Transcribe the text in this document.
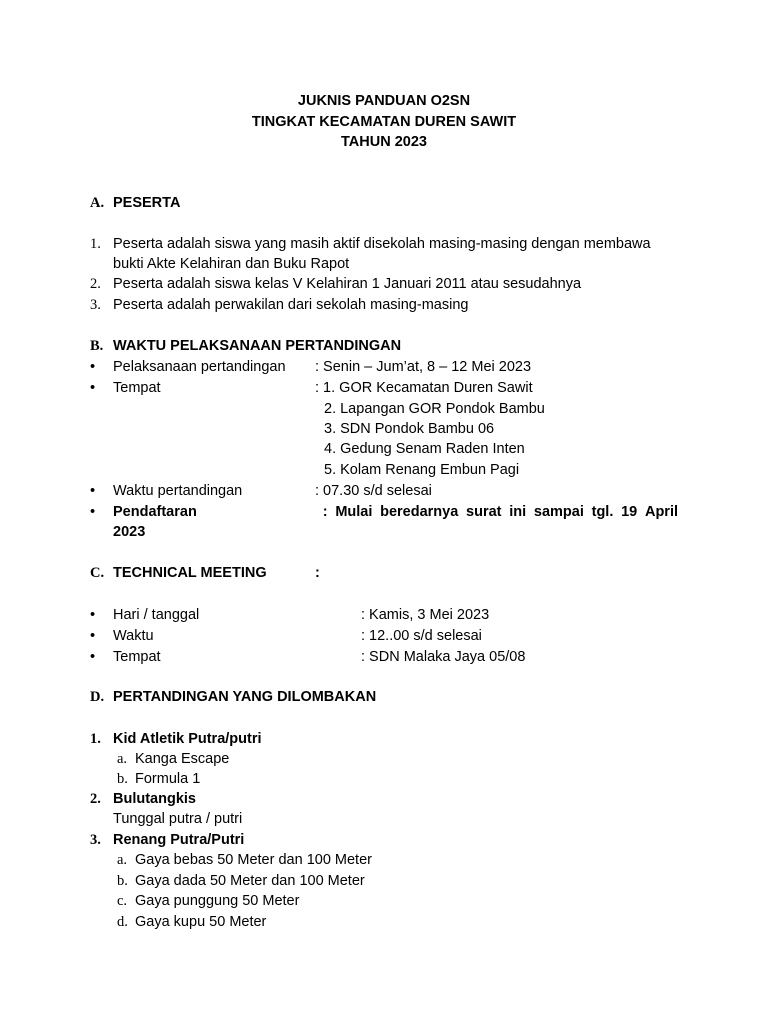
JUKNIS PANDUAN O2SN
TINGKAT KECAMATAN DUREN SAWIT
TAHUN 2023
A. PESERTA
1. Peserta adalah siswa yang masih aktif disekolah masing-masing dengan membawa
bukti Akte Kelahiran dan Buku Rapot
2. Peserta adalah siswa kelas V Kelahiran 1 Januari 2011 atau sesudahnya
3. Peserta adalah perwakilan dari sekolah masing-masing
B. WAKTU PELAKSANAAN PERTANDINGAN
• Pelaksanaan pertandingan : Senin – Jum’at, 8 – 12 Mei 2023
• Tempat	: 1. GOR Kecamatan Duren Sawit
2. Lapangan GOR Pondok Bambu
3. SDN Pondok Bambu 06
4. Gedung Senam Raden Inten
5. Kolam Renang Embun Pagi
• Waktu pertandingan	: 07.30 s/d selesai
• Pendaftaran	: Mulai beredarnya surat ini sampai tgl. 19 April
2023
C. TECHNICAL MEETING	:
• Hari / tanggal	: Kamis, 3 Mei 2023
• Waktu	: 12..00 s/d selesai
• Tempat	: SDN Malaka Jaya 05/08
D. PERTANDINGAN YANG DILOMBAKAN
1. Kid Atletik Putra/putri
a. Kanga Escape
b. Formula 1
2. Bulutangkis
Tunggal putra / putri
3. Renang Putra/Putri
a. Gaya bebas 50 Meter dan 100 Meter
b. Gaya dada 50 Meter dan 100 Meter
c. Gaya punggung 50 Meter
d. Gaya kupu 50 Meter
